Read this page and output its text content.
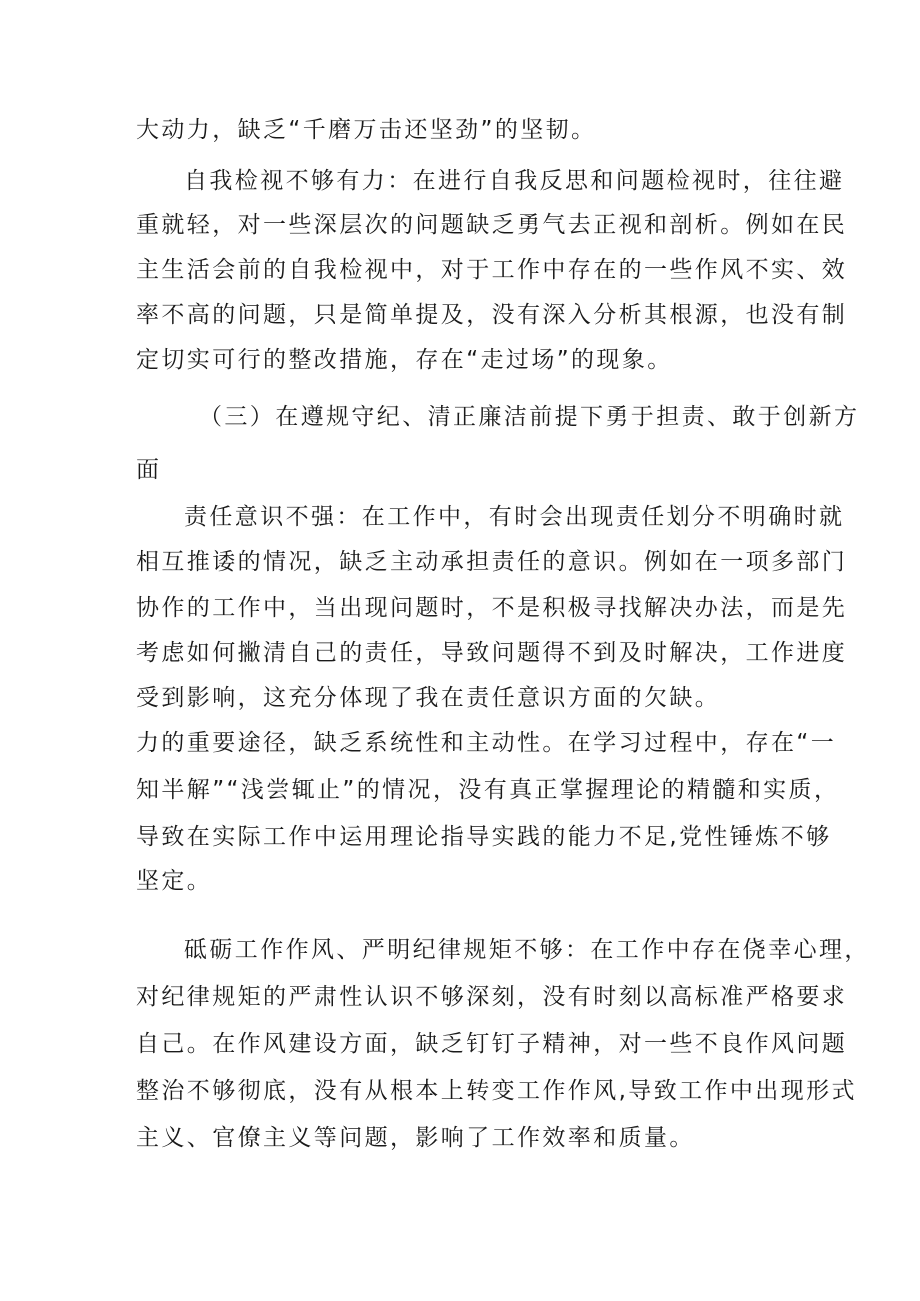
大动力，缺乏“千磨万击还坚劲”的坚韧。
自我检视不够有力：在进行自我反思和问题检视时，往往避
重就轻，对一些深层次的问题缺乏勇气去正视和剖析。例如在民
主生活会前的自我检视中，对于工作中存在的一些作风不实、效
率不高的问题，只是简单提及，没有深入分析其根源，也没有制
定切实可行的整改措施，存在“走过场”的现象。
（三）在遵规守纪、清正廉洁前提下勇于担责、敢于创新方
面
责任意识不强：在工作中，有时会出现责任划分不明确时就
相互推诿的情况，缺乏主动承担责任的意识。例如在一项多部门
协作的工作中，当出现问题时，不是积极寻找解决办法，而是先
考虑如何撇清自己的责任，导致问题得不到及时解决，工作进度
受到影响，这充分体现了我在责任意识方面的欠缺。
力的重要途径，缺乏系统性和主动性。在学习过程中，存在“一
知半解”“浅尝辄止”的情况，没有真正掌握理论的精髓和实质，
导致在实际工作中运用理论指导实践的能力不足,党性锤炼不够
坚定。
砥砺工作作风、严明纪律规矩不够：在工作中存在侥幸心理，
对纪律规矩的严肃性认识不够深刻，没有时刻以高标准严格要求
自己。在作风建设方面，缺乏钉钉子精神，对一些不良作风问题
整治不够彻底，没有从根本上转变工作作风,导致工作中出现形式
主义、官僚主义等问题，影响了工作效率和质量。
